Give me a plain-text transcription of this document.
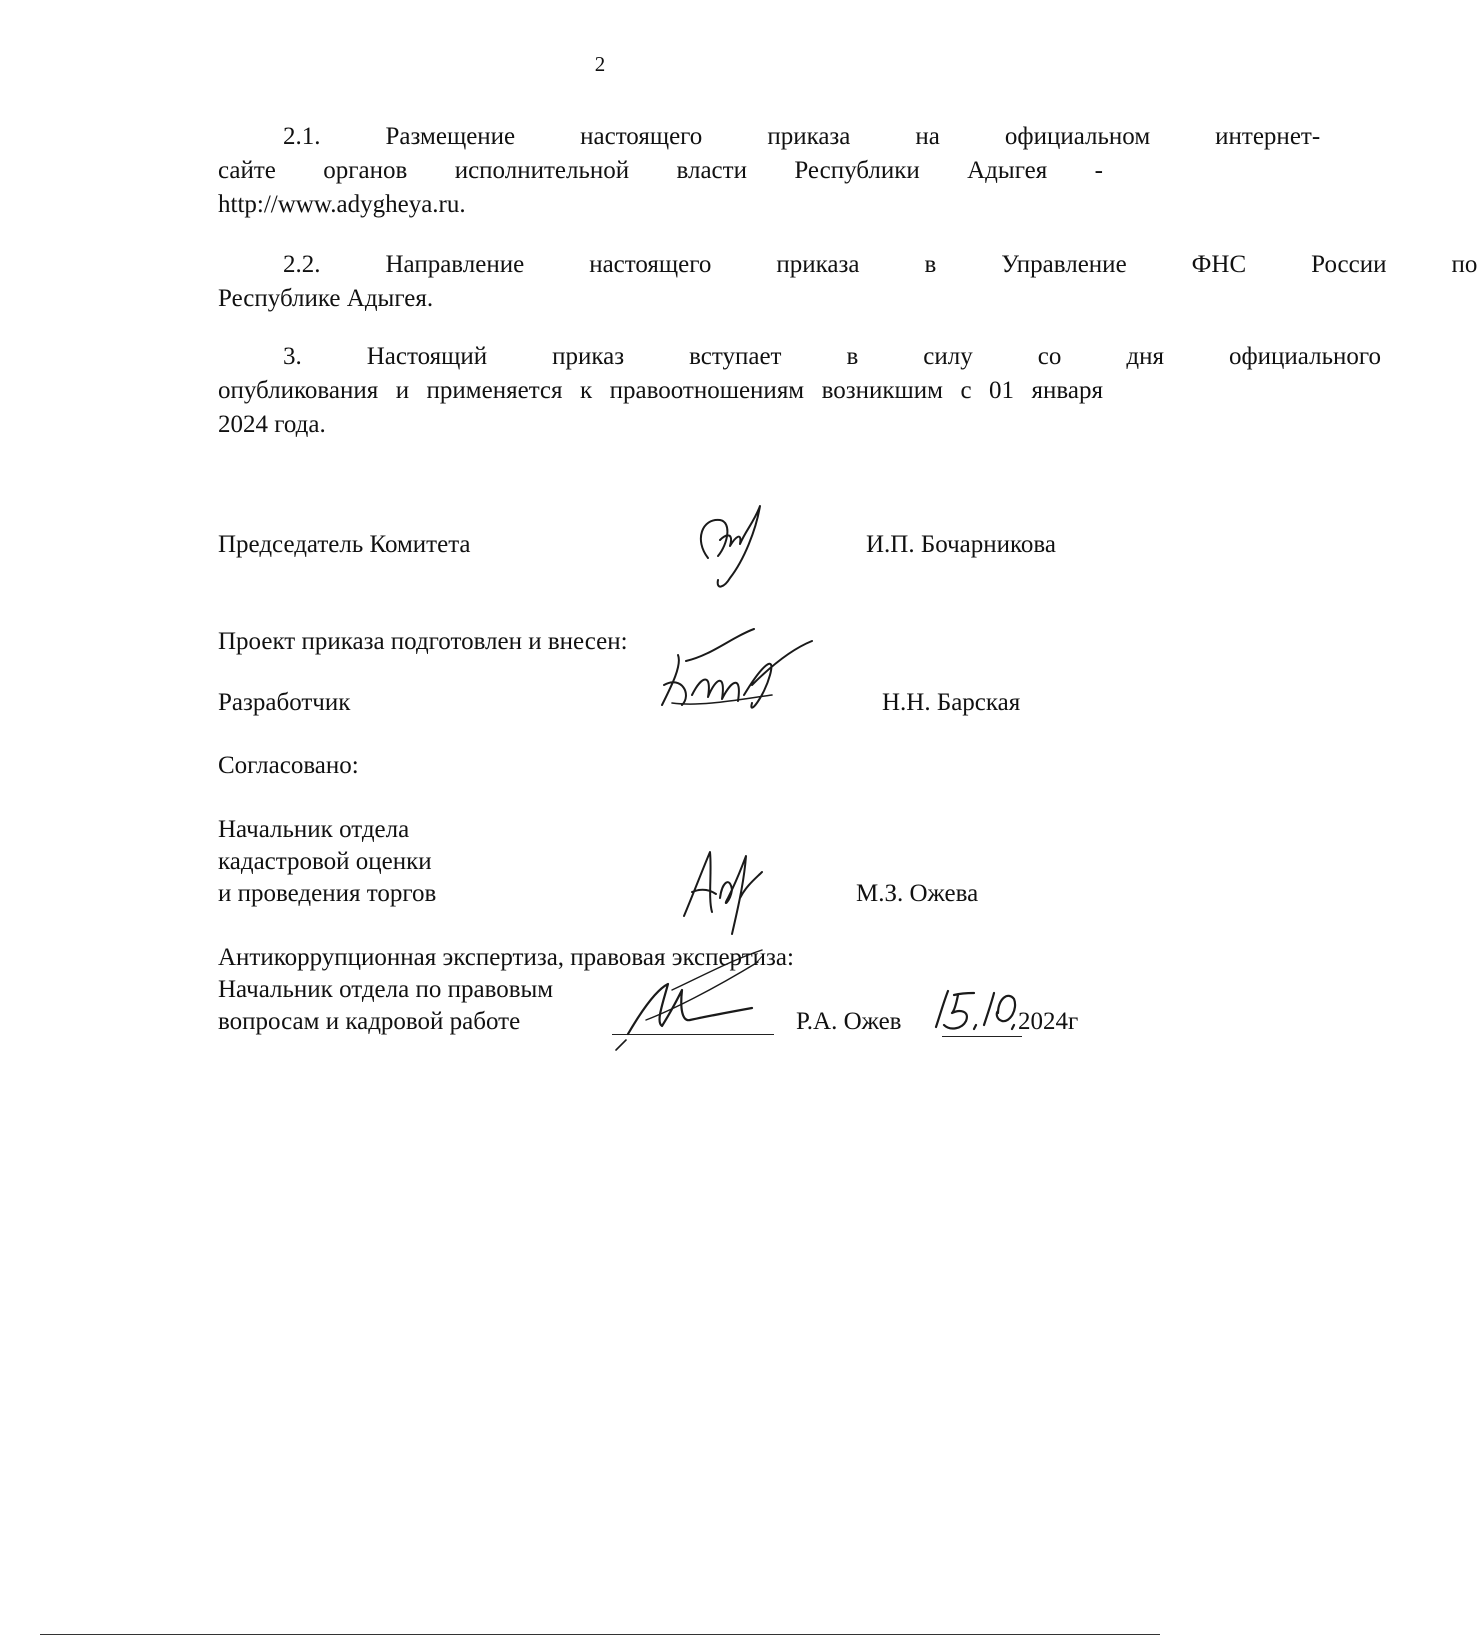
2
2.1.	Размещение	настоящего	приказа	на	официальном	интернет-
сайте органов исполнительной власти Республики Адыгея -

http://www.adygheya.ru.

2.2.	Направление	настоящего	приказа	в	Управление	ФНС	России	по

Республике Адыгея.

3.	Настоящий	приказ	вступает	в	силу	со	дня	официального
опубликования и применяется к правоотношениям возникшим с 01 января

2024 года.

Председатель Комитета	И.П. Бочарникова
Проект приказа подготовлен и внесен:
Разработчик	Н.Н. Барская
Согласовано:
Начальник отдела
кадастровой оценки
и проведения торгов	М.З. Ожева
Антикоррупционная экспертиза, правовая экспертиза:
Начальник отдела по правовым
вопросам и кадровой работе	Р.А. Ожев	2024г
